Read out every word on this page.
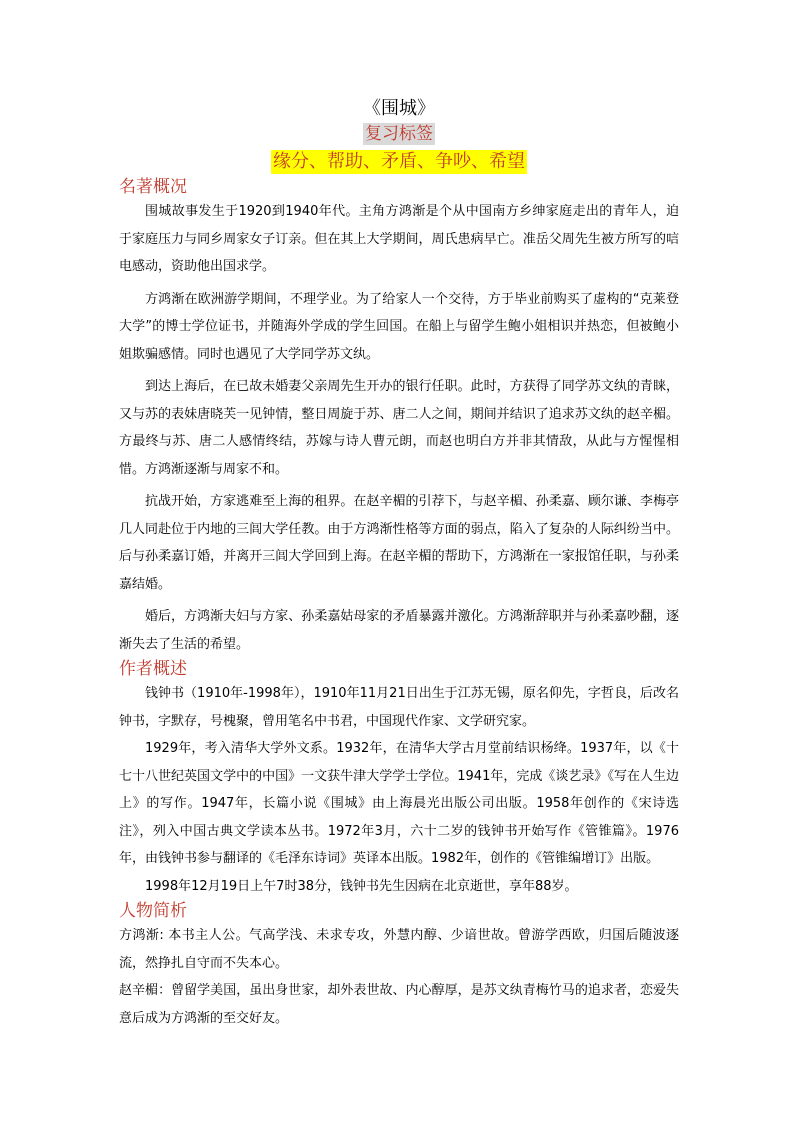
《围城》
复习标签
缘分、帮助、矛盾、争吵、希望
名著概况

围城故事发生于1920到1940年代。主角方鸿渐是个从中国南方乡绅家庭走出的青年人，迫于家庭压力与同乡周家女子订亲。但在其上大学期间，周氏患病早亡。准岳父周先生被方所写的唁电感动，资助他出国求学。

方鸿渐在欧洲游学期间，不理学业。为了给家人一个交待，方于毕业前购买了虚构的“克莱登大学”的博士学位证书，并随海外学成的学生回国。在船上与留学生鲍小姐相识并热恋，但被鲍小姐欺骗感情。同时也遇见了大学同学苏文纨。

到达上海后，在已故未婚妻父亲周先生开办的银行任职。此时，方获得了同学苏文纨的青睐，又与苏的表妹唐晓芙一见钟情，整日周旋于苏、唐二人之间，期间并结识了追求苏文纨的赵辛楣。方最终与苏、唐二人感情终结，苏嫁与诗人曹元朗，而赵也明白方并非其情敌，从此与方惺惺相惜。方鸿渐逐渐与周家不和。

抗战开始，方家逃难至上海的租界。在赵辛楣的引荐下，与赵辛楣、孙柔嘉、顾尔谦、李梅亭几人同赴位于内地的三闾大学任教。由于方鸿渐性格等方面的弱点，陷入了复杂的人际纠纷当中。后与孙柔嘉订婚，并离开三闾大学回到上海。在赵辛楣的帮助下，方鸿渐在一家报馆任职，与孙柔嘉结婚。

婚后，方鸿渐夫妇与方家、孙柔嘉姑母家的矛盾暴露并激化。方鸿渐辞职并与孙柔嘉吵翻，逐渐失去了生活的希望。

作者概述

钱钟书（1910年-1998年），1910年11月21日出生于江苏无锡，原名仰先，字哲良，后改名钟书，字默存，号槐聚，曾用笔名中书君，中国现代作家、文学研究家。

1929年，考入清华大学外文系。1932年，在清华大学古月堂前结识杨绛。1937年，以《十七十八世纪英国文学中的中国》一文获牛津大学学士学位。1941年，完成《谈艺录》《写在人生边上》的写作。1947年，长篇小说《围城》由上海晨光出版公司出版。1958年创作的《宋诗选注》，列入中国古典文学读本丛书。1972年3月，六十二岁的钱钟书开始写作《管锥篇》。1976年，由钱钟书参与翻译的《毛泽东诗词》英译本出版。1982年，创作的《管锥编增订》出版。

1998年12月19日上午7时38分，钱钟书先生因病在北京逝世，享年88岁。

人物简析

方鸿渐: 本书主人公。气高学浅、未求专攻，外慧内醇、少谙世故。曾游学西欧，归国后随波逐流，然挣扎自守而不失本心。

赵辛楣：曾留学美国，虽出身世家，却外表世故、内心醇厚，是苏文纨青梅竹马的追求者，恋爱失意后成为方鸿渐的至交好友。
